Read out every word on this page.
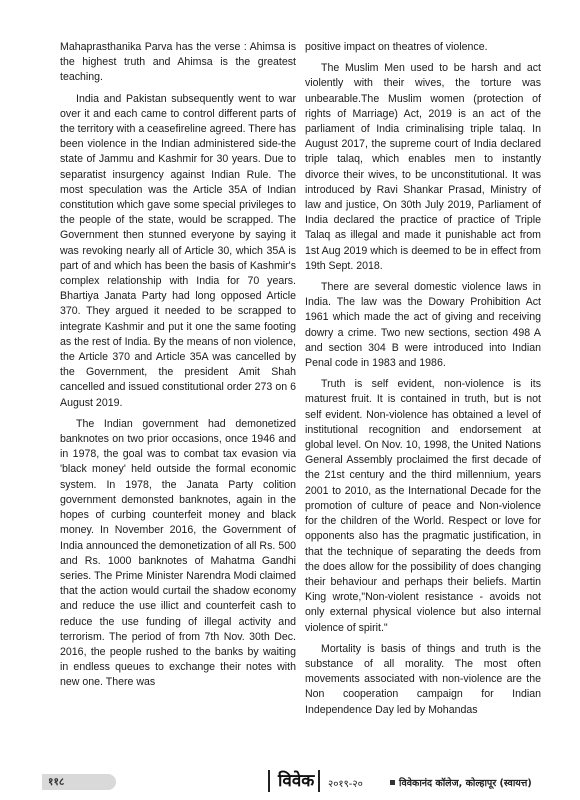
Mahaprasthanika Parva has the verse : Ahimsa is the highest truth and Ahimsa is the greatest teaching.

India and Pakistan subsequently went to war over it and each came to control different parts of the territory with a ceasefireline agreed. There has been violence in the Indian administered side-the state of Jammu and Kashmir for 30 years. Due to separatist insurgency against Indian Rule. The most speculation was the Article 35A of Indian constitution which gave some special privileges to the people of the state, would be scrapped. The Government then stunned everyone by saying it was revoking nearly all of Article 30, which 35A is part of and which has been the basis of Kashmir's complex relationship with India for 70 years. Bhartiya Janata Party had long opposed Article 370. They argued it needed to be scrapped to integrate Kashmir and put it one the same footing as the rest of India. By the means of non violence, the Article 370 and Article 35A was cancelled by the Government, the president Amit Shah cancelled and issued constitutional order 273 on 6 August 2019.

The Indian government had demonetized banknotes on two prior occasions, once 1946 and in 1978, the goal was to combat tax evasion via 'black money' held outside the formal economic system. In 1978, the Janata Party colition government demonsted banknotes, again in the hopes of curbing counterfeit money and black money. In November 2016, the Government of India announced the demonetization of all Rs. 500 and Rs. 1000 banknotes of Mahatma Gandhi series. The Prime Minister Narendra Modi claimed that the action would curtail the shadow economy and reduce the use illict and counterfeit cash to reduce the use funding of illegal activity and terrorism. The period of from 7th Nov. 30th Dec. 2016, the people rushed to the banks by waiting in endless queues to exchange their notes with new one. There was

positive impact on theatres of violence.

The Muslim Men used to be harsh and act violently with their wives, the torture was unbearable.The Muslim women (protection of rights of Marriage) Act, 2019 is an act of the parliament of India criminalising triple talaq. In August 2017, the supreme court of India declared triple talaq, which enables men to instantly divorce their wives, to be unconstitutional. It was introduced by Ravi Shankar Prasad, Ministry of law and justice, On 30th July 2019, Parliament of India declared the practice of practice of Triple Talaq as illegal and made it punishable act from 1st Aug 2019 which is deemed to be in effect from 19th Sept. 2018.

There are several domestic violence laws in India. The law was the Dowary Prohibition Act 1961 which made the act of giving and receiving dowry a crime. Two new sections, section 498 A and section 304 B were introduced into Indian Penal code in 1983 and 1986.

Truth is self evident, non-violence is its maturest fruit. It is contained in truth, but is not self evident. Non-violence has obtained a level of institutional recognition and endorsement at global level. On Nov. 10, 1998, the United Nations General Assembly proclaimed the first decade of the 21st century and the third millennium, years 2001 to 2010, as the International Decade for the promotion of culture of peace and Non-violence for the children of the World. Respect or love for opponents also has the pragmatic justification, in that the technique of separating the deeds from the does allow for the possibility of does changing their behaviour and perhaps their beliefs. Martin King wrote,"Non-violent resistance - avoids not only external physical violence but also internal violence of spirit."

Mortality is basis of things and truth is the substance of all morality. The most often movements associated with non-violence are the Non cooperation campaign for Indian Independence Day led by Mohandas

११८	विवेक २०१९-२०	विवेकानंद कॉलेज, कोल्हापूर (स्वायत्त)
